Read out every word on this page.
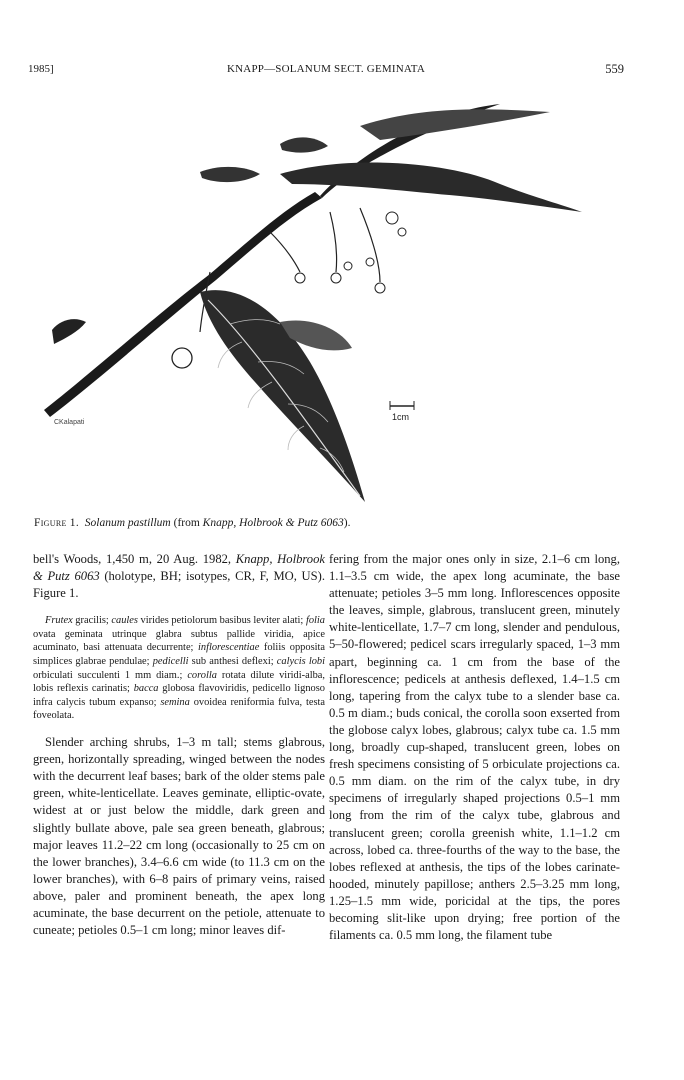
1985]	KNAPP—SOLANUM SECT. GEMINATA	559
1cm
CKalapati
Figure 1. Solanum pastillum (from Knapp, Holbrook & Putz 6063).

bell's Woods, 1,450 m, 20 Aug. 1982, Knapp, Holbrook & Putz 6063 (holotype, BH; isotypes, CR, F, MO, US). Figure 1.

Frutex gracilis; caules virides petiolorum basibus leviter alati; folia ovata geminata utrinque glabra subtus pallide viridia, apice acuminato, basi attenuata decurrente; inflorescentiae foliis opposita simplices glabrae pendulae; pedicelli sub anthesi deflexi; calycis lobi orbiculati succulenti 1 mm diam.; corolla rotata dilute viridi-alba, lobis reflexis carinatis; bacca globosa flavoviridis, pedicello lignoso infra calycis tubum expanso; semina ovoidea reniformia fulva, testa foveolata.

Slender arching shrubs, 1–3 m tall; stems glabrous, green, horizontally spreading, winged between the nodes with the decurrent leaf bases; bark of the older stems pale green, white-lenticellate. Leaves geminate, elliptic-ovate, widest at or just below the middle, dark green and slightly bullate above, pale sea green beneath, glabrous; major leaves 11.2–22 cm long (occasionally to 25 cm on the lower branches), 3.4–6.6 cm wide (to 11.3 cm on the lower branches), with 6–8 pairs of primary veins, raised above, paler and prominent beneath, the apex long acuminate, the base decurrent on the petiole, attenuate to cuneate; petioles 0.5–1 cm long; minor leaves dif-

fering from the major ones only in size, 2.1–6 cm long, 1.1–3.5 cm wide, the apex long acuminate, the base attenuate; petioles 3–5 mm long. Inflorescences opposite the leaves, simple, glabrous, translucent green, minutely white-lenticellate, 1.7–7 cm long, slender and pendulous, 5–50-flowered; pedicel scars irregularly spaced, 1–3 mm apart, beginning ca. 1 cm from the base of the inflorescence; pedicels at anthesis deflexed, 1.4–1.5 cm long, tapering from the calyx tube to a slender base ca. 0.5 m diam.; buds conical, the corolla soon exserted from the globose calyx lobes, glabrous; calyx tube ca. 1.5 mm long, broadly cup-shaped, translucent green, lobes on fresh specimens consisting of 5 orbiculate projections ca. 0.5 mm diam. on the rim of the calyx tube, in dry specimens of irregularly shaped projections 0.5–1 mm long from the rim of the calyx tube, glabrous and translucent green; corolla greenish white, 1.1–1.2 cm across, lobed ca. three-fourths of the way to the base, the lobes reflexed at anthesis, the tips of the lobes carinate-hooded, minutely papillose; anthers 2.5–3.25 mm long, 1.25–1.5 mm wide, poricidal at the tips, the pores becoming slit-like upon drying; free portion of the filaments ca. 0.5 mm long, the filament tube
